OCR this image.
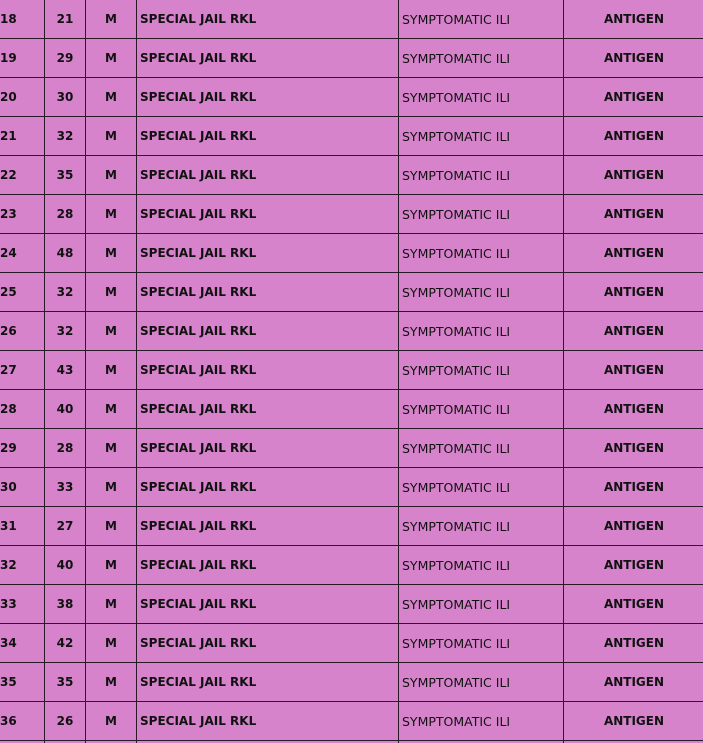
18	21	M	SPECIAL JAIL RKL	SYMPTOMATIC ILI	ANTIGEN
19	29	M	SPECIAL JAIL RKL	SYMPTOMATIC ILI	ANTIGEN
20	30	M	SPECIAL JAIL RKL	SYMPTOMATIC ILI	ANTIGEN
21	32	M	SPECIAL JAIL RKL	SYMPTOMATIC ILI	ANTIGEN
22	35	M	SPECIAL JAIL RKL	SYMPTOMATIC ILI	ANTIGEN
23	28	M	SPECIAL JAIL RKL	SYMPTOMATIC ILI	ANTIGEN
24	48	M	SPECIAL JAIL RKL	SYMPTOMATIC ILI	ANTIGEN
25	32	M	SPECIAL JAIL RKL	SYMPTOMATIC ILI	ANTIGEN
26	32	M	SPECIAL JAIL RKL	SYMPTOMATIC ILI	ANTIGEN
27	43	M	SPECIAL JAIL RKL	SYMPTOMATIC ILI	ANTIGEN
28	40	M	SPECIAL JAIL RKL	SYMPTOMATIC ILI	ANTIGEN
29	28	M	SPECIAL JAIL RKL	SYMPTOMATIC ILI	ANTIGEN
30	33	M	SPECIAL JAIL RKL	SYMPTOMATIC ILI	ANTIGEN
31	27	M	SPECIAL JAIL RKL	SYMPTOMATIC ILI	ANTIGEN
32	40	M	SPECIAL JAIL RKL	SYMPTOMATIC ILI	ANTIGEN
33	38	M	SPECIAL JAIL RKL	SYMPTOMATIC ILI	ANTIGEN
34	42	M	SPECIAL JAIL RKL	SYMPTOMATIC ILI	ANTIGEN
35	35	M	SPECIAL JAIL RKL	SYMPTOMATIC ILI	ANTIGEN
36	26	M	SPECIAL JAIL RKL	SYMPTOMATIC ILI	ANTIGEN
